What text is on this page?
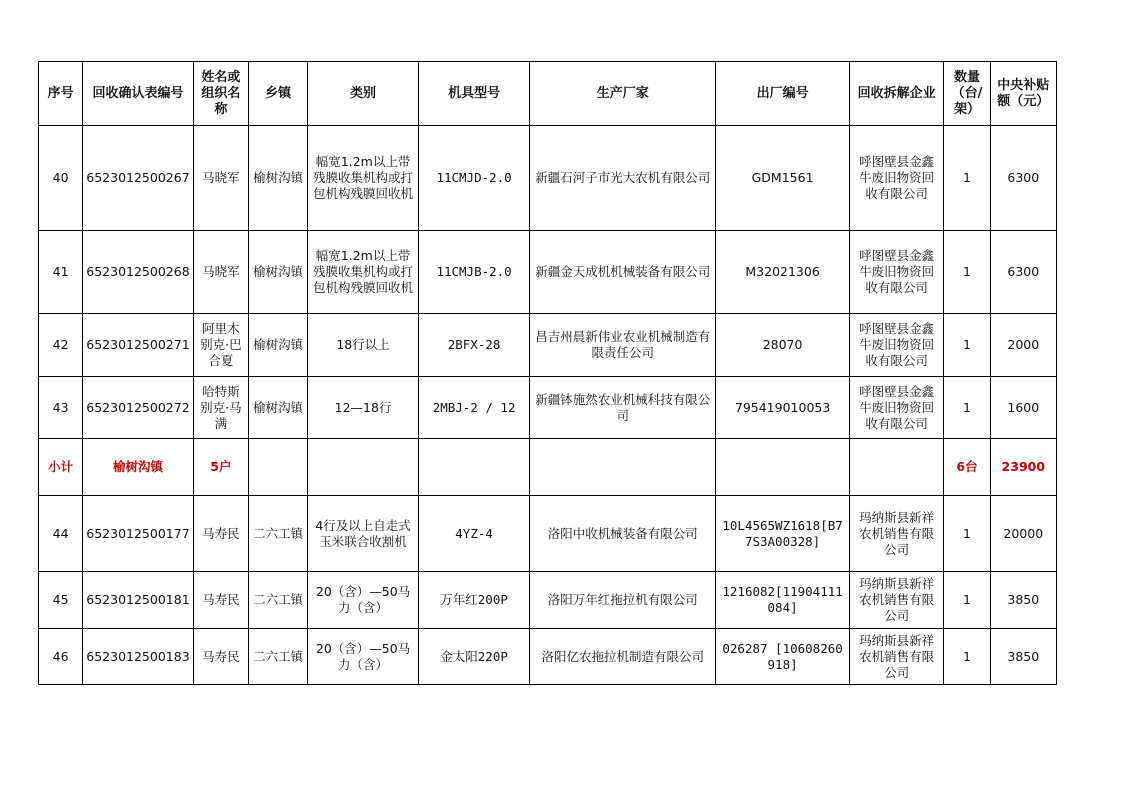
序号	回收确认表编号	姓名或组织名称	乡镇	类别	机具型号	生产厂家	出厂编号	回收拆解企业	数量（台/架）	中央补贴额（元）
40	6523012500267	马晓军	榆树沟镇	幅宽1.2m以上带残膜收集机构或打包机构残膜回收机	11CMJD-2.0	新疆石河子市光大农机有限公司	GDM1561	呼图壁县金鑫牛废旧物资回收有限公司	1	6300
41	6523012500268	马晓军	榆树沟镇	幅宽1.2m以上带残膜收集机构或打包机构残膜回收机	11CMJB-2.0	新疆金天成机机械装备有限公司	M32021306	呼图壁县金鑫牛废旧物资回收有限公司	1	6300
42	6523012500271	阿里木别克·巴合夏	榆树沟镇	18行以上	2BFX-28	昌吉州晨新伟业农业机械制造有限责任公司	28070	呼图壁县金鑫牛废旧物资回收有限公司	1	2000
43	6523012500272	哈特斯别克·马满	榆树沟镇	12—18行	2MBJ-2 / 12	新疆钵施然农业机械科技有限公司	795419010053	呼图壁县金鑫牛废旧物资回收有限公司	1	1600
小计	榆树沟镇	5户							6台	23900
44	6523012500177	马寿民	二六工镇	4行及以上自走式玉米联合收割机	4YZ-4	洛阳中收机械装备有限公司	10L4565WZ1618[B77S3A00328]	玛纳斯县新祥农机销售有限公司	1	20000
45	6523012500181	马寿民	二六工镇	20（含）—50马力（含）	万年红200P	洛阳万年红拖拉机有限公司	1216082[11904111084]	玛纳斯县新祥农机销售有限公司	1	3850
46	6523012500183	马寿民	二六工镇	20（含）—50马力（含）	金太阳220P	洛阳亿农拖拉机制造有限公司	026287 [10608260918]	玛纳斯县新祥农机销售有限公司	1	3850
